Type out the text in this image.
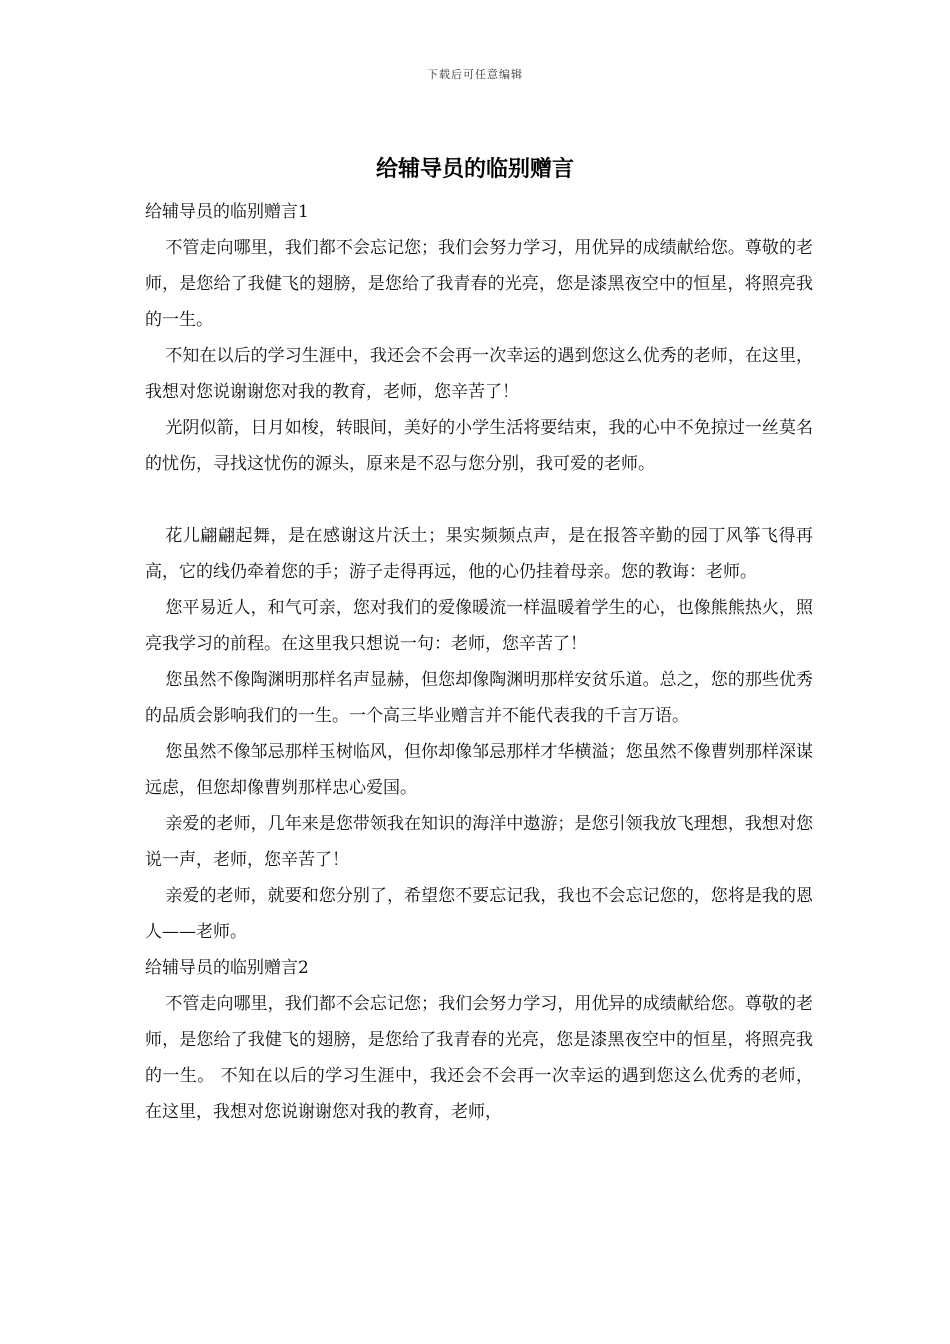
下载后可任意编辑
给辅导员的临别赠言

给辅导员的临别赠言1

不管走向哪里，我们都不会忘记您；我们会努力学习，用优异的成绩献给您。尊敬的老师，是您给了我健飞的翅膀，是您给了我青春的光亮，您是漆黑夜空中的恒星，将照亮我的一生。

不知在以后的学习生涯中，我还会不会再一次幸运的遇到您这么优秀的老师，在这里，我想对您说谢谢您对我的教育，老师，您辛苦了！

光阴似箭，日月如梭，转眼间，美好的小学生活将要结束，我的心中不免掠过一丝莫名的忧伤，寻找这忧伤的源头，原来是不忍与您分别，我可爱的老师。

花儿翩翩起舞，是在感谢这片沃土；果实频频点声，是在报答辛勤的园丁风筝飞得再高，它的线仍牵着您的手；游子走得再远，他的心仍挂着母亲。您的教诲：老师。

您平易近人，和气可亲，您对我们的爱像暖流一样温暖着学生的心，也像熊熊热火，照亮我学习的前程。在这里我只想说一句：老师，您辛苦了！

您虽然不像陶渊明那样名声显赫，但您却像陶渊明那样安贫乐道。总之，您的那些优秀的品质会影响我们的一生。一个高三毕业赠言并不能代表我的千言万语。

您虽然不像邹忌那样玉树临风，但你却像邹忌那样才华横溢；您虽然不像曹刿那样深谋远虑，但您却像曹刿那样忠心爱国。

亲爱的老师，几年来是您带领我在知识的海洋中遨游；是您引领我放飞理想，我想对您说一声，老师，您辛苦了！

亲爱的老师，就要和您分别了，希望您不要忘记我，我也不会忘记您的，您将是我的恩人——老师。

给辅导员的临别赠言2

不管走向哪里，我们都不会忘记您；我们会努力学习，用优异的成绩献给您。尊敬的老师，是您给了我健飞的翅膀，是您给了我青春的光亮，您是漆黑夜空中的恒星，将照亮我的一生。 不知在以后的学习生涯中，我还会不会再一次幸运的遇到您这么优秀的老师，在这里，我想对您说谢谢您对我的教育，老师，
